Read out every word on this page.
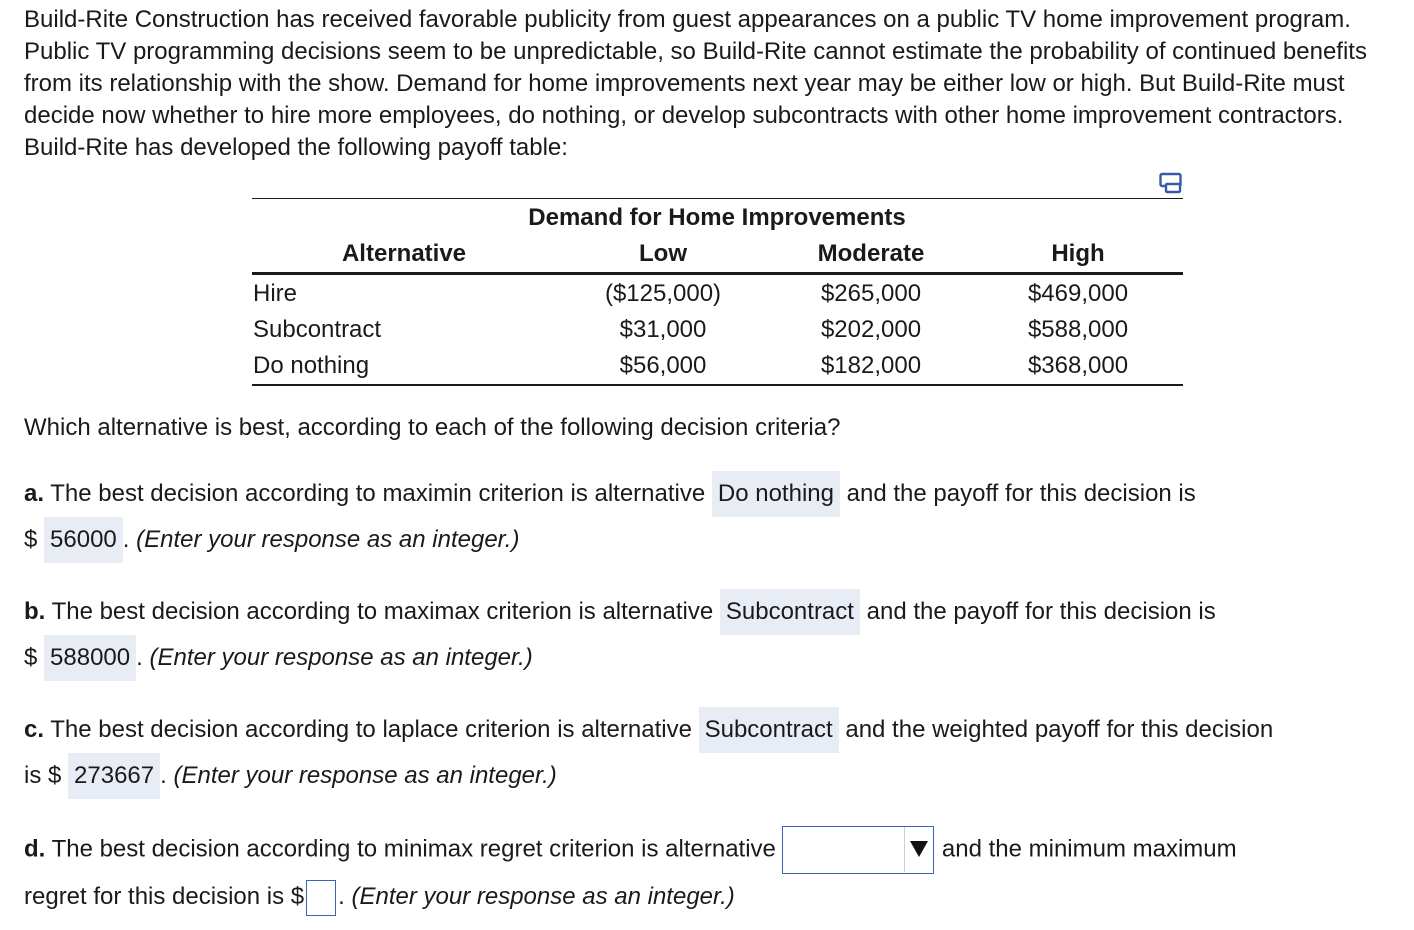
Build-Rite Construction has received favorable publicity from guest appearances on a public TV home improvement program. Public TV programming decisions seem to be unpredictable, so Build-Rite cannot estimate the probability of continued benefits from its relationship with the show. Demand for home improvements next year may be either low or high. But Build-Rite must decide now whether to hire more employees, do nothing, or develop subcontracts with other home improvement contractors. Build-Rite has developed the following payoff table:

Demand for Home Improvements
Alternative	Low	Moderate	High
Hire	($125,000)	$265,000	$469,000
Subcontract	$31,000	$202,000	$588,000
Do nothing	$56,000	$182,000	$368,000
Which alternative is best, according to each of the following decision criteria?
a. The best decision according to maximin criterion is alternative Do nothing and the payoff for this decision is
$ 56000 . (Enter your response as an integer.)
b. The best decision according to maximax criterion is alternative Subcontract and the payoff for this decision is
$ 588000 . (Enter your response as an integer.)
c. The best decision according to laplace criterion is alternative Subcontract and the weighted payoff for this decision
is $ 273667 . (Enter your response as an integer.)
d. The best decision according to minimax regret criterion is alternative	and the minimum maximum
regret for this decision is $ . (Enter your response as an integer.)
